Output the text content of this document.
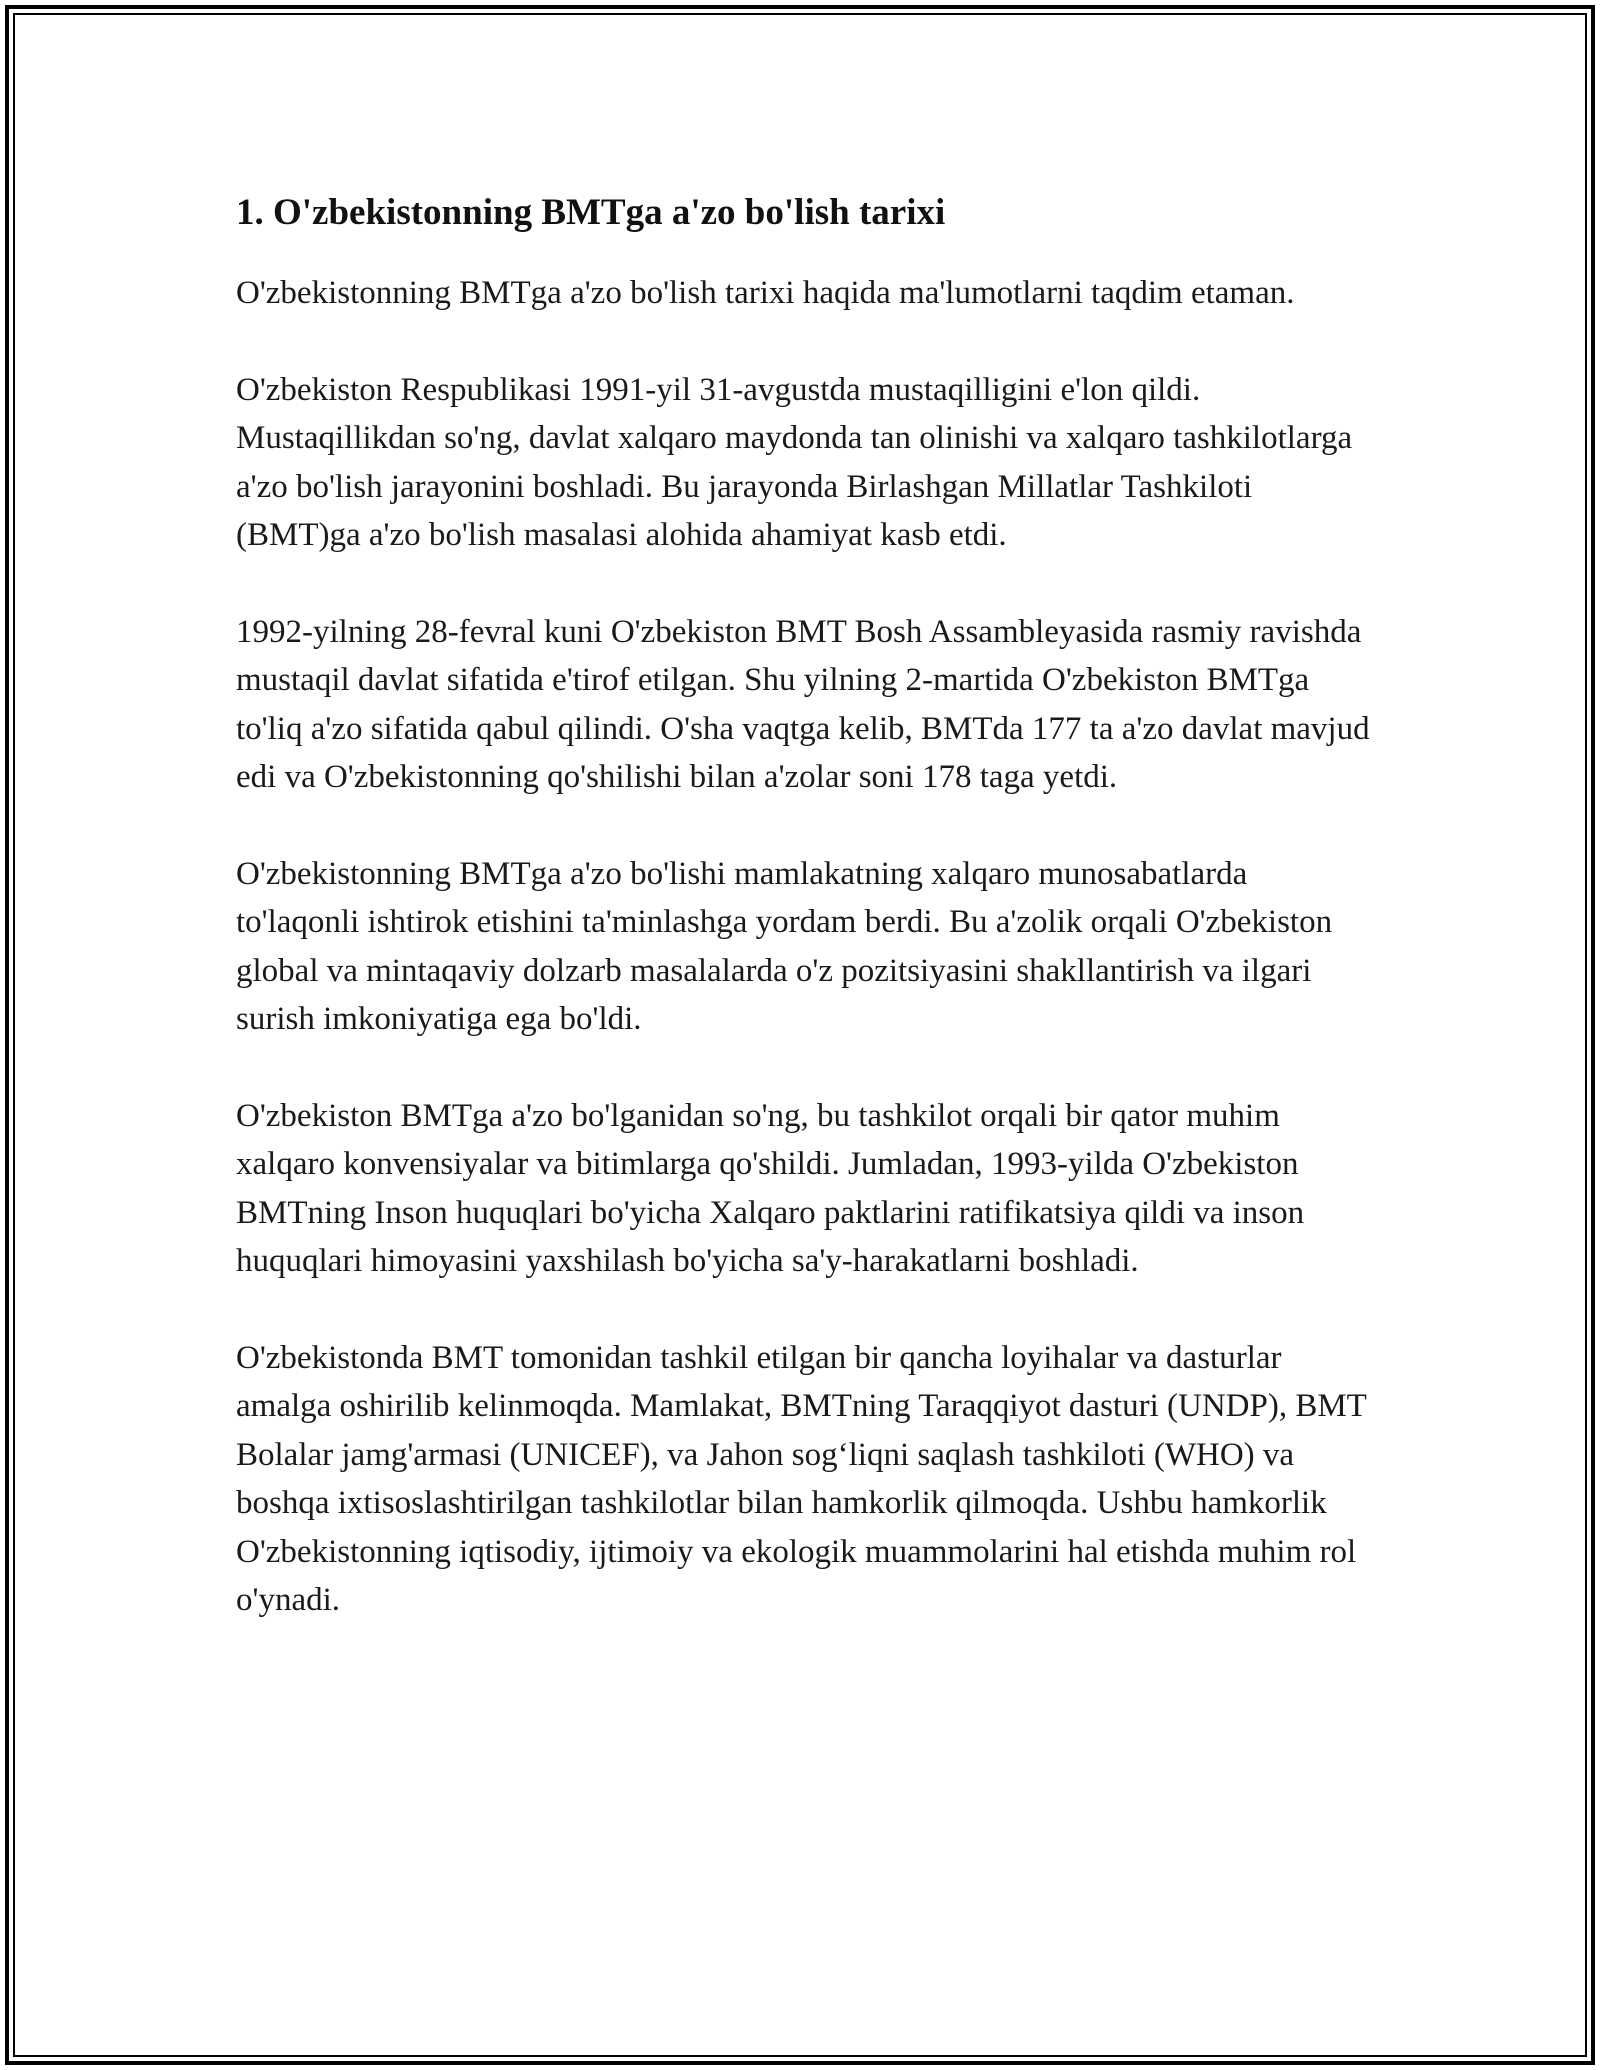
1. O'zbekistonning BMTga a'zo bo'lish tarixi

O'zbekistonning BMTga a'zo bo'lish tarixi haqida ma'lumotlarni taqdim etaman.

O'zbekiston Respublikasi 1991-yil 31-avgustda mustaqilligini e'lon qildi. Mustaqillikdan so'ng, davlat xalqaro maydonda tan olinishi va xalqaro tashkilotlarga a'zo bo'lish jarayonini boshladi. Bu jarayonda Birlashgan Millatlar Tashkiloti (BMT)ga a'zo bo'lish masalasi alohida ahamiyat kasb etdi.

1992-yilning 28-fevral kuni O'zbekiston BMT Bosh Assambleyasida rasmiy ravishda mustaqil davlat sifatida e'tirof etilgan. Shu yilning 2-martida O'zbekiston BMTga to'liq a'zo sifatida qabul qilindi. O'sha vaqtga kelib, BMTda 177 ta a'zo davlat mavjud edi va O'zbekistonning qo'shilishi bilan a'zolar soni 178 taga yetdi.

O'zbekistonning BMTga a'zo bo'lishi mamlakatning xalqaro munosabatlarda to'laqonli ishtirok etishini ta'minlashga yordam berdi. Bu a'zolik orqali O'zbekiston global va mintaqaviy dolzarb masalalarda o'z pozitsiyasini shakllantirish va ilgari surish imkoniyatiga ega bo'ldi.

O'zbekiston BMTga a'zo bo'lganidan so'ng, bu tashkilot orqali bir qator muhim xalqaro konvensiyalar va bitimlarga qo'shildi. Jumladan, 1993-yilda O'zbekiston BMTning Inson huquqlari bo'yicha Xalqaro paktlarini ratifikatsiya qildi va inson huquqlari himoyasini yaxshilash bo'yicha sa'y-harakatlarni boshladi.

O'zbekistonda BMT tomonidan tashkil etilgan bir qancha loyihalar va dasturlar amalga oshirilib kelinmoqda. Mamlakat, BMTning Taraqqiyot dasturi (UNDP), BMT Bolalar jamg'armasi (UNICEF), va Jahon sog‘liqni saqlash tashkiloti (WHO) va boshqa ixtisoslashtirilgan tashkilotlar bilan hamkorlik qilmoqda. Ushbu hamkorlik O'zbekistonning iqtisodiy, ijtimoiy va ekologik muammolarini hal etishda muhim rol o'ynadi.
